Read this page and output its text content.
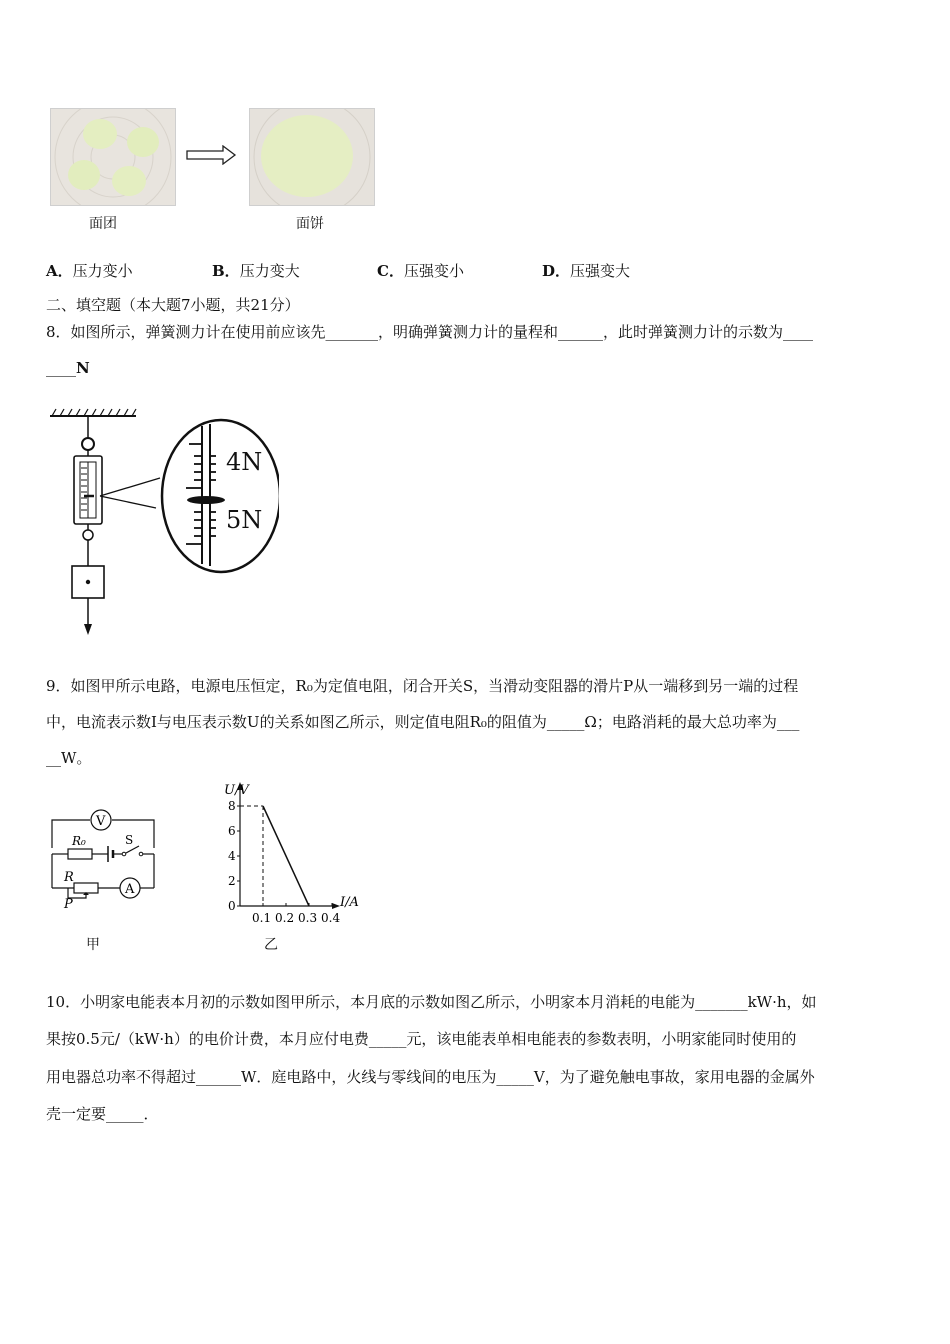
面团	面饼
A．压力变小	B．压力变大	C．压强变小	D．压强变大
二、填空题（本大题7小题，共21分）
8．如图所示，弹簧测力计在使用前应该先_______，明确弹簧测力计的量程和______，此时弹簧测力计的示数为____
____N
4N
5N
9．如图甲所示电路，电源电压恒定，R₀为定值电阻，闭合开关S，当滑动变阻器的滑片P从一端移到另一端的过程
中，电流表示数I与电压表示数U的关系如图乙所示，则定值电阻R₀的阻值为_____Ω；电路消耗的最大总功率为___
__W。
V
R₀	S
A
R
P
甲
U/V
I/A
0
2
4
6
8
0.1 0.2 0.3 0.4
乙
10．小明家电能表本月初的示数如图甲所示，本月底的示数如图乙所示，小明家本月消耗的电能为_______kW·h，如
果按0.5元/（kW·h）的电价计费，本月应付电费_____元，该电能表单相电能表的参数表明，小明家能同时使用的
用电器总功率不得超过______W．庭电路中，火线与零线间的电压为_____V，为了避免触电事故，家用电器的金属外
壳一定要_____．
